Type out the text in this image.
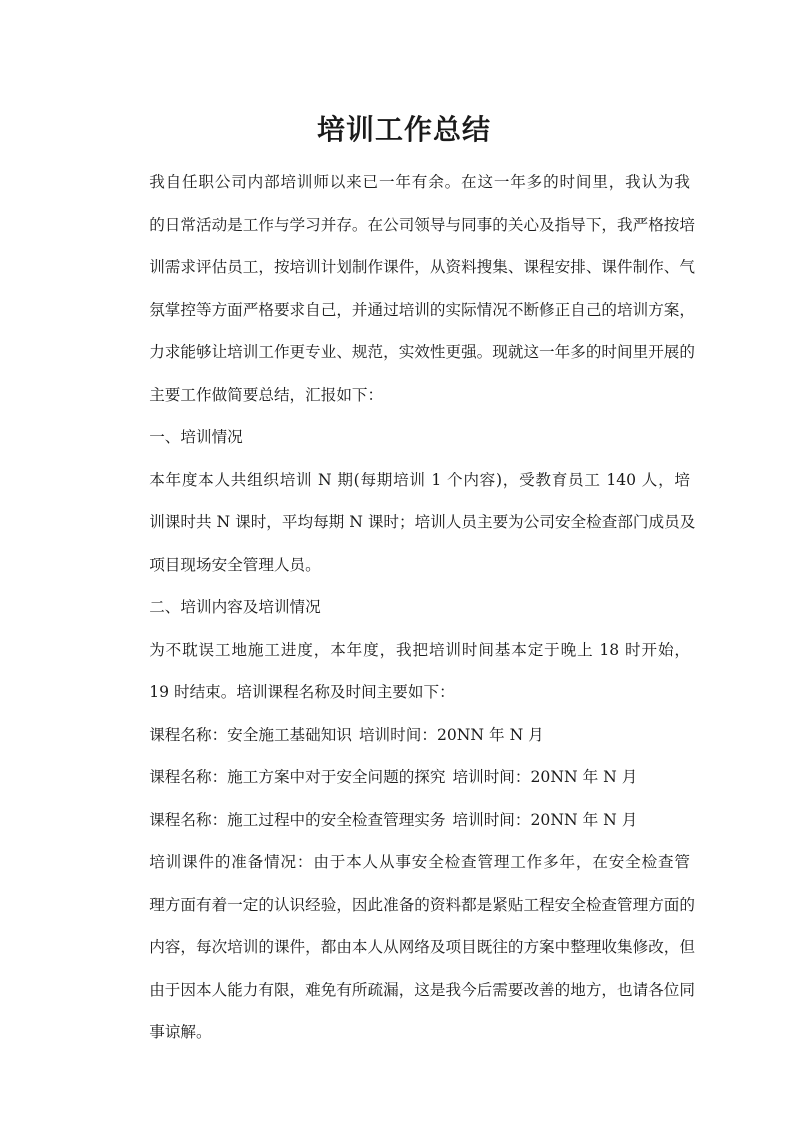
培训工作总结

我自任职公司内部培训师以来已一年有余。在这一年多的时间里，我认为我
的日常活动是工作与学习并存。在公司领导与同事的关心及指导下，我严格按培
训需求评估员工，按培训计划制作课件，从资料搜集、课程安排、课件制作、气
氛掌控等方面严格要求自己，并通过培训的实际情况不断修正自己的培训方案，
力求能够让培训工作更专业、规范，实效性更强。现就这一年多的时间里开展的
主要工作做简要总结，汇报如下：

一、培训情况

本年度本人共组织培训 N 期(每期培训 1 个内容)，受教育员工 140 人，培
训课时共 N 课时，平均每期 N 课时；培训人员主要为公司安全检查部门成员及
项目现场安全管理人员。

二、培训内容及培训情况

为不耽误工地施工进度，本年度，我把培训时间基本定于晚上 18 时开始，
19 时结束。培训课程名称及时间主要如下：

课程名称：安全施工基础知识 培训时间：20NN 年 N 月

课程名称：施工方案中对于安全问题的探究 培训时间：20NN 年 N 月

课程名称：施工过程中的安全检查管理实务 培训时间：20NN 年 N 月

培训课件的准备情况：由于本人从事安全检查管理工作多年，在安全检查管
理方面有着一定的认识经验，因此准备的资料都是紧贴工程安全检查管理方面的
内容，每次培训的课件，都由本人从网络及项目既往的方案中整理收集修改，但
由于因本人能力有限，难免有所疏漏，这是我今后需要改善的地方，也请各位同
事谅解。
